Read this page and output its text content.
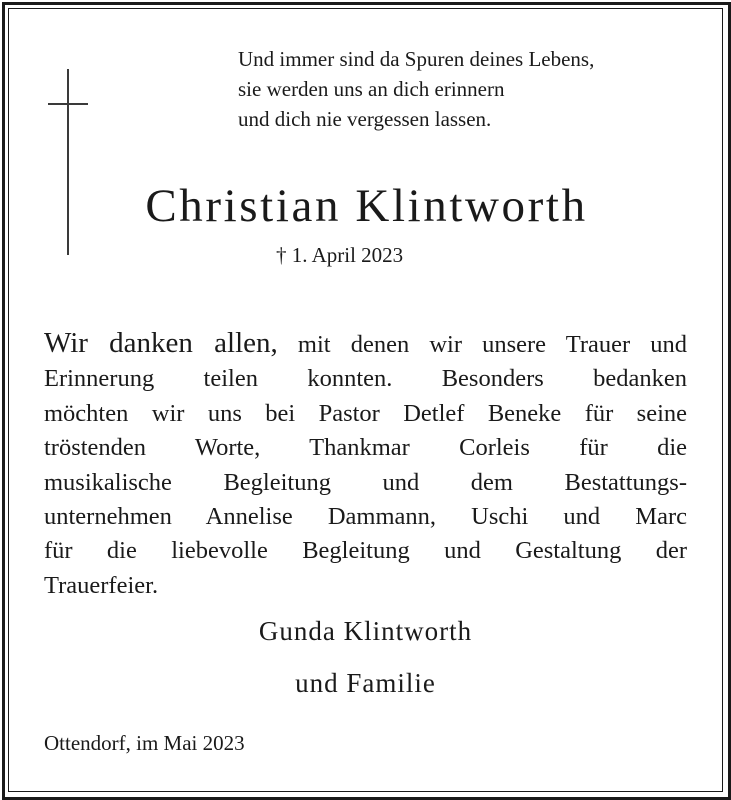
Und immer sind da Spuren deines Lebens,
sie werden uns an dich erinnern
und dich nie vergessen lassen.
Christian Klintworth
† 1. April 2023
Wir danken allen, mit denen wir unsere Trauer und
Erinnerung teilen konnten. Besonders bedanken
möchten wir uns bei Pastor Detlef Beneke für seine
tröstenden Worte, Thankmar Corleis für die
musikalische Begleitung und dem Bestattungs-
unternehmen Annelise Dammann, Uschi und Marc
für die liebevolle Begleitung und Gestaltung der
Trauerfeier.
Gunda Klintworth
und Familie
Ottendorf, im Mai 2023
